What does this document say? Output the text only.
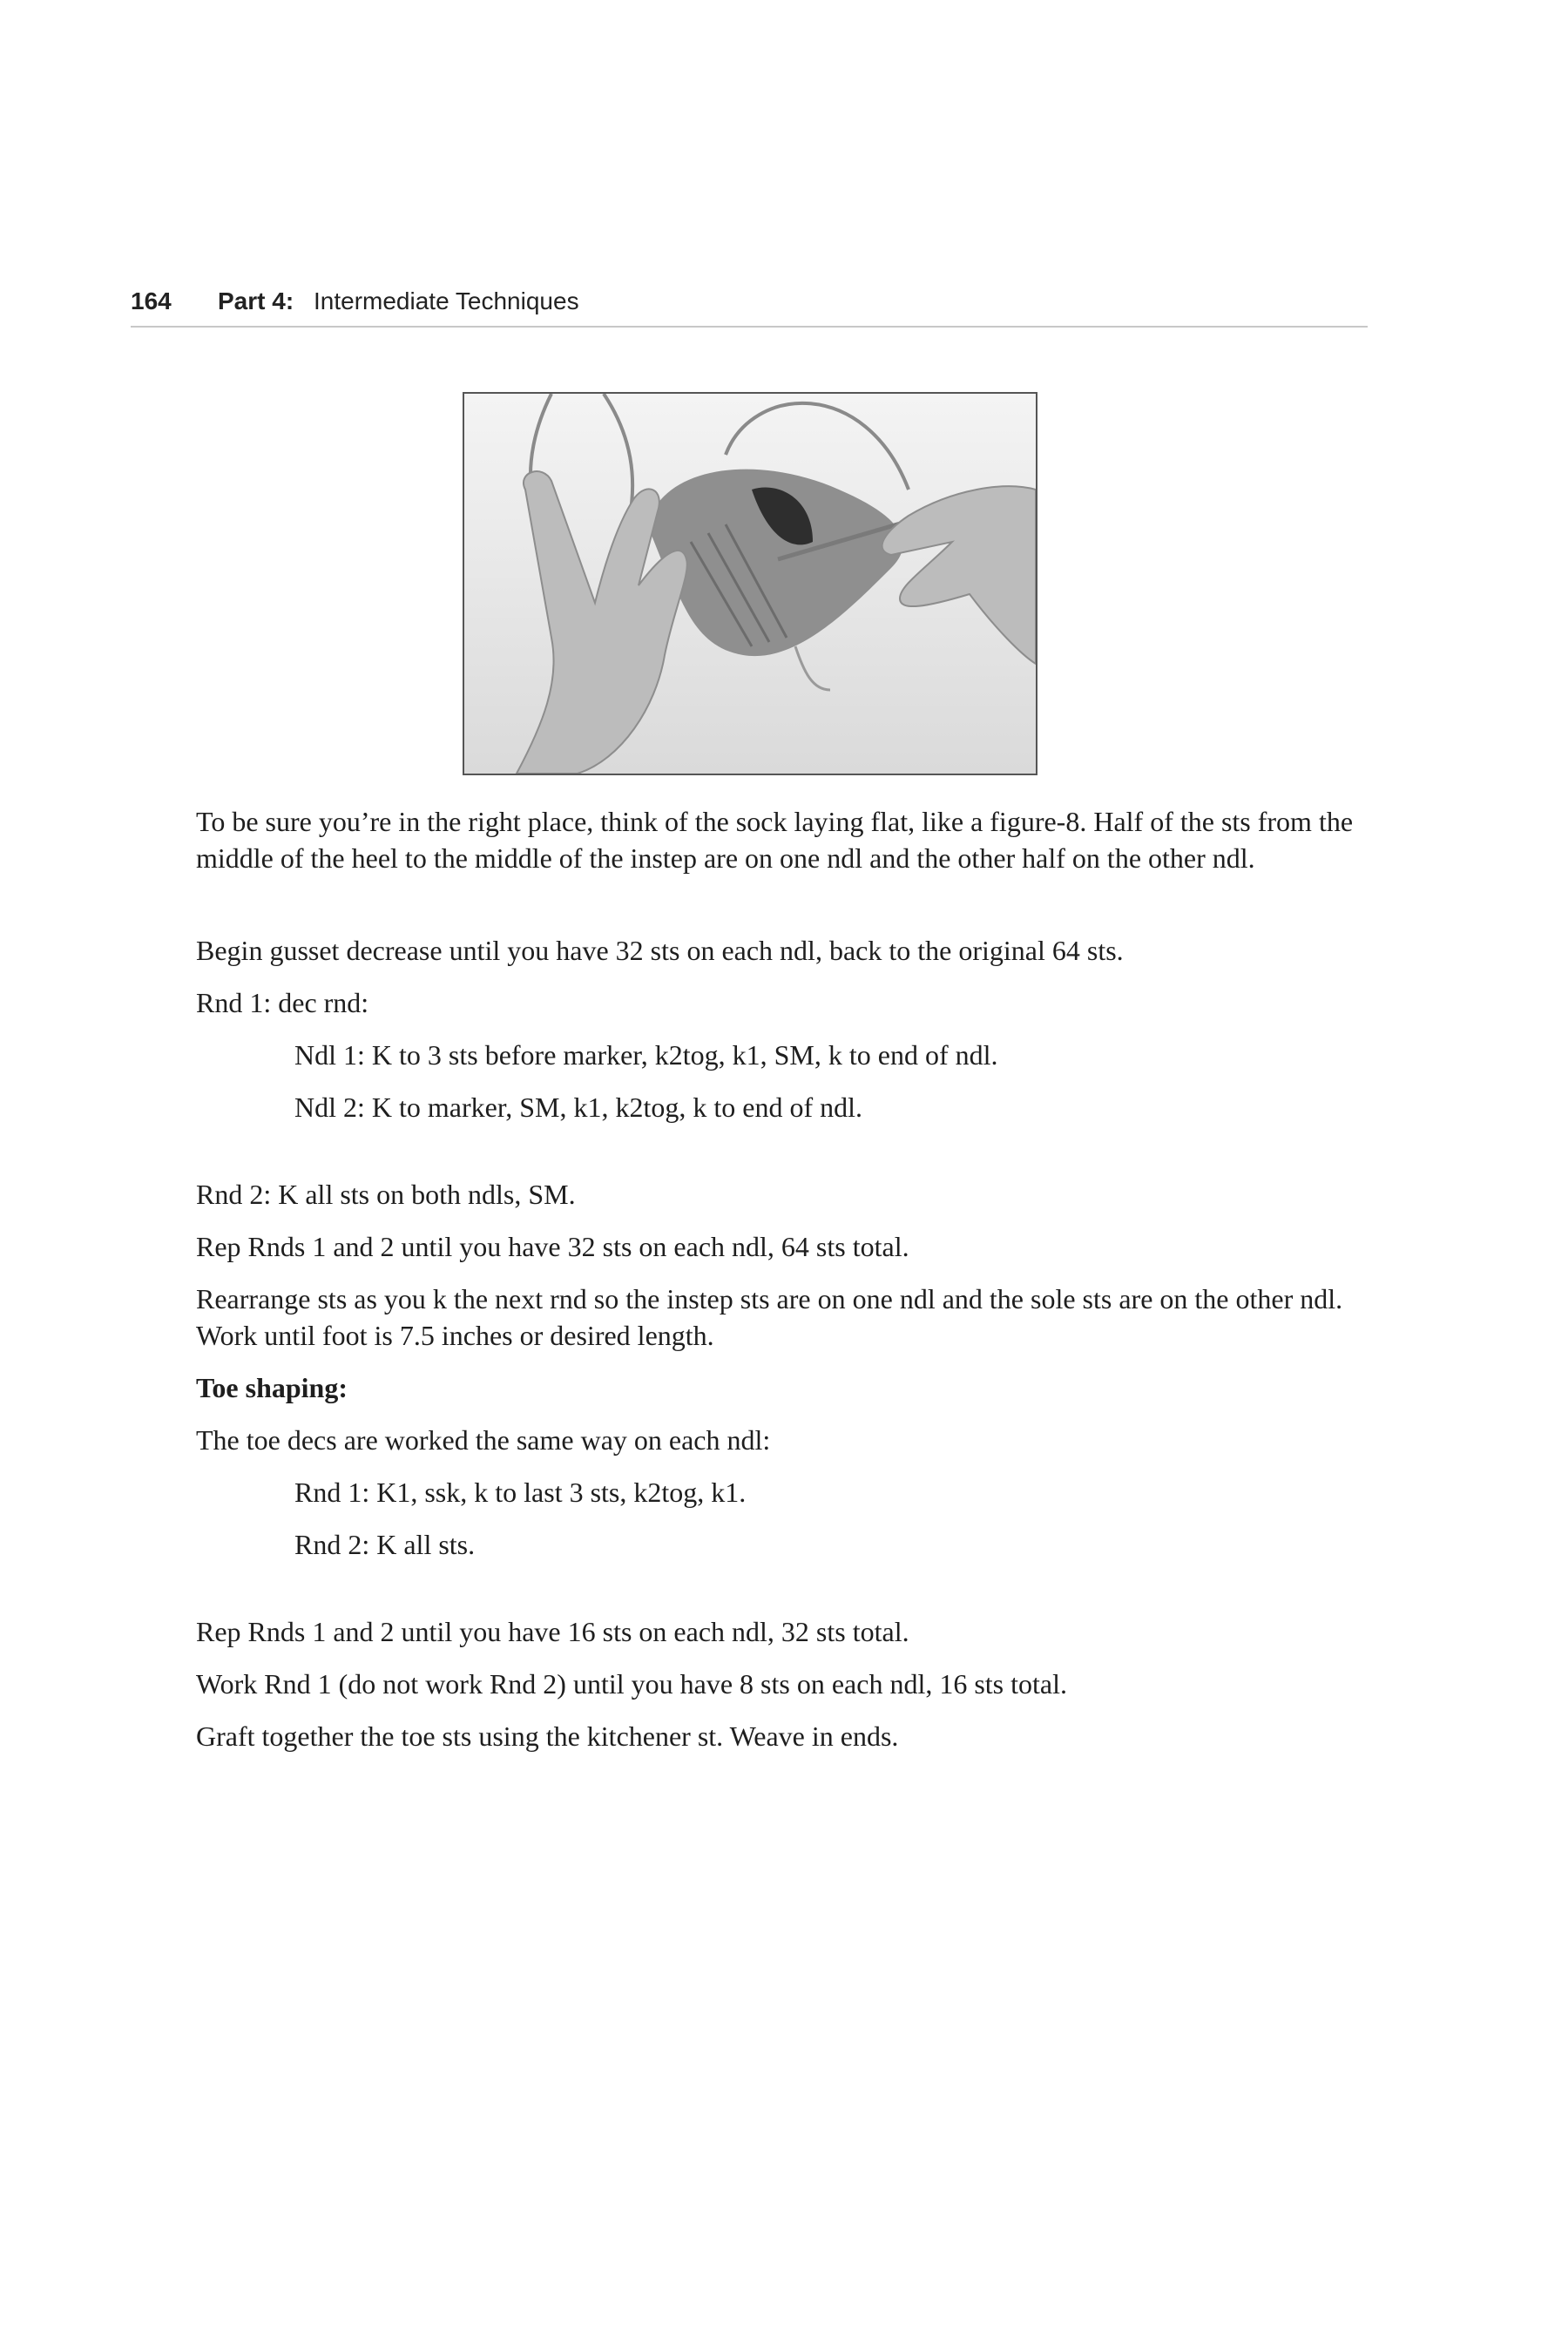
164 Part 4: Intermediate Techniques

To be sure you’re in the right place, think of the sock laying flat, like a figure-8. Half of the sts from the middle of the heel to the middle of the instep are on one ndl and the other half on the other ndl.

Begin gusset decrease until you have 32 sts on each ndl, back to the original 64 sts.

Rnd 1: dec rnd:

Ndl 1: K to 3 sts before marker, k2tog, k1, SM, k to end of ndl.

Ndl 2: K to marker, SM, k1, k2tog, k to end of ndl.

Rnd 2: K all sts on both ndls, SM.

Rep Rnds 1 and 2 until you have 32 sts on each ndl, 64 sts total.

Rearrange sts as you k the next rnd so the instep sts are on one ndl and the sole sts are on the other ndl. Work until foot is 7.5 inches or desired length.

Toe shaping:

The toe decs are worked the same way on each ndl:

Rnd 1: K1, ssk, k to last 3 sts, k2tog, k1.

Rnd 2: K all sts.

Rep Rnds 1 and 2 until you have 16 sts on each ndl, 32 sts total.

Work Rnd 1 (do not work Rnd 2) until you have 8 sts on each ndl, 16 sts total.

Graft together the toe sts using the kitchener st. Weave in ends.
